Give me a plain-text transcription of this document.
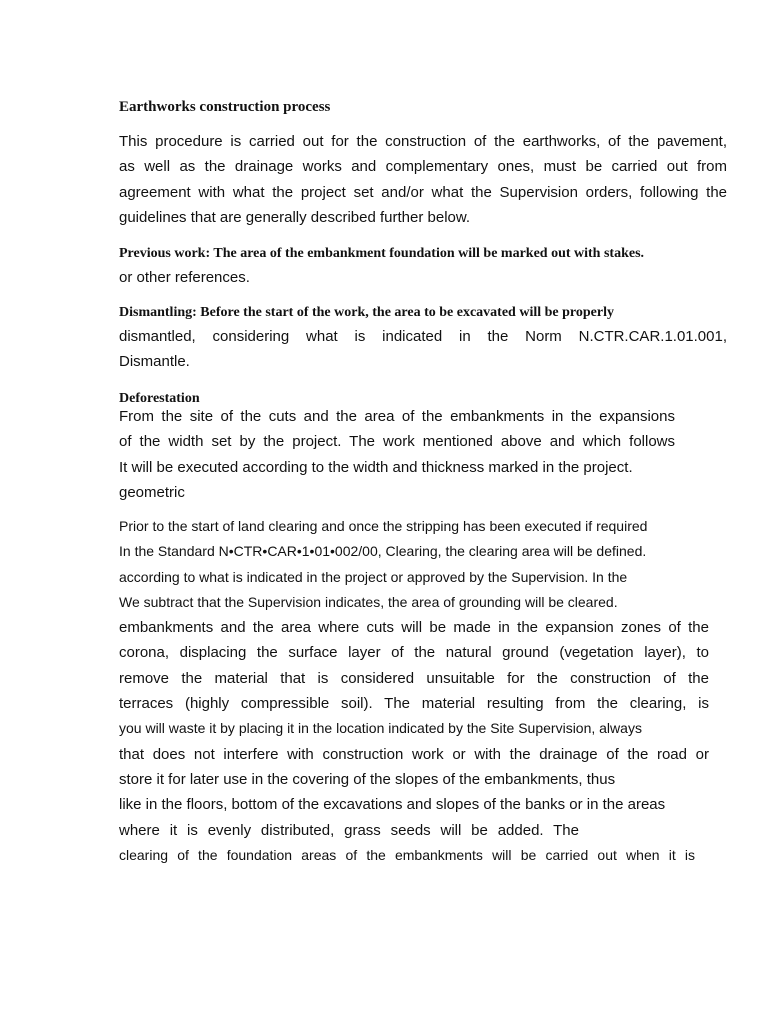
Earthworks construction process
This procedure is carried out for the construction of the earthworks, of the pavement,
as well as the drainage works and complementary ones, must be carried out from
agreement with what the project set and/or what the Supervision orders, following the
guidelines that are generally described further below.
Previous work: The area of the embankment foundation will be marked out with stakes.
or other references.
Dismantling: Before the start of the work, the area to be excavated will be properly
dismantled, considering what is indicated in the Norm N.CTR.CAR.1.01.001,
Dismantle.
Deforestation
From the site of the cuts and the area of the embankments in the expansions
of the width set by the project. The work mentioned above and which follows
It will be executed according to the width and thickness marked in the project.
geometric
Prior to the start of land clearing and once the stripping has been executed if required
In the Standard N•CTR•CAR•1•01•002/00, Clearing, the clearing area will be defined.
according to what is indicated in the project or approved by the Supervision. In the
We subtract that the Supervision indicates, the area of grounding will be cleared.
embankments and the area where cuts will be made in the expansion zones of the
corona, displacing the surface layer of the natural ground (vegetation layer), to
remove the material that is considered unsuitable for the construction of the
terraces (highly compressible soil). The material resulting from the clearing, is
you will waste it by placing it in the location indicated by the Site Supervision, always
that does not interfere with construction work or with the drainage of the road or
store it for later use in the covering of the slopes of the embankments, thus
like in the floors, bottom of the excavations and slopes of the banks or in the areas
where it is evenly distributed, grass seeds will be added. The
clearing of the foundation areas of the embankments will be carried out when it is
